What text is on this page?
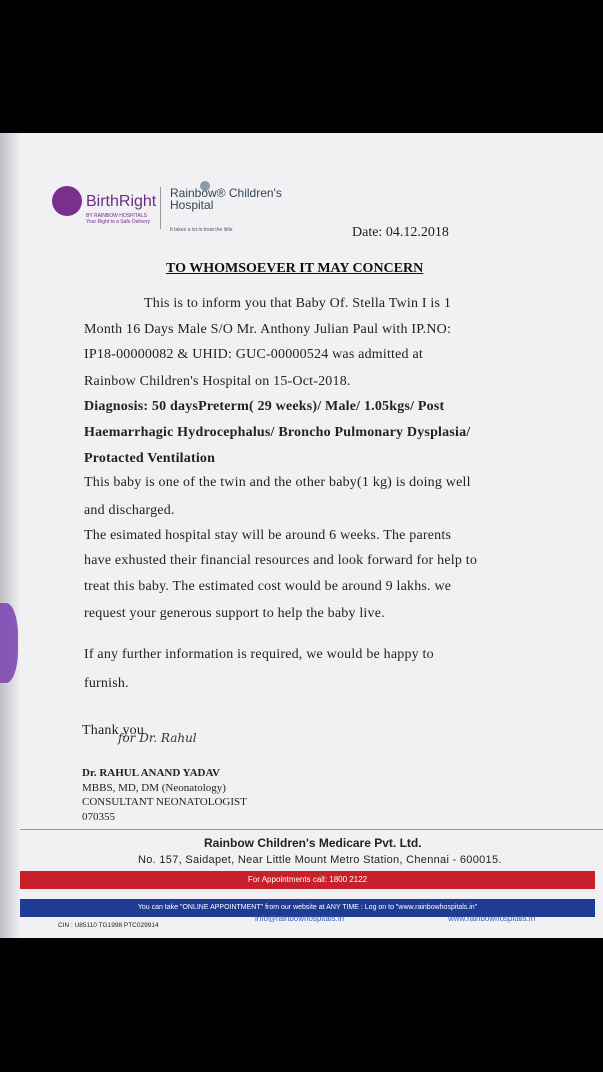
BirthRight
BY RAINBOW HOSPITALS
Your Right to a Safe Delivery
Rainbow® Children's Hospital
It takes a lot to treat the little	Date: 04.12.2018
TO WHOMSOEVER IT MAY CONCERN
This is to inform you that Baby Of. Stella Twin I is 1
Month 16 Days Male S/O Mr. Anthony Julian Paul with IP.NO:
IP18-00000082 & UHID: GUC-00000524 was admitted at
Rainbow Children's Hospital on 15-Oct-2018.
Diagnosis: 50 daysPreterm( 29 weeks)/ Male/ 1.05kgs/ Post
Haemarrhagic Hydrocephalus/ Broncho Pulmonary Dysplasia/
Protacted Ventilation
This baby is one of the twin and the other baby(1 kg) is doing well
and discharged.
The esimated hospital stay will be around 6 weeks. The parents
have exhusted their financial resources and look forward for help to
treat this baby. The estimated cost would be around 9 lakhs. we
request your generous support to help the baby live.
If any further information is required, we would be happy to
furnish.
Thank you
for Dr. Rahul
Dr. RAHUL ANAND YADAV
MBBS, MD, DM (Neonatology)
CONSULTANT NEONATOLOGIST
070355
Rainbow Children's Medicare Pvt. Ltd.
No. 157, Saidapet, Near Little Mount Metro Station, Chennai - 600015.
For Appointments call: 1800 2122
You can take "ONLINE APPOINTMENT" from our website at ANY TIME : Log on to "www.rainbowhospitals.in"
info@rainbowhospitals.in	www.rainbowhospitals.in
CIN : U85110 TG1998 PTC029914
